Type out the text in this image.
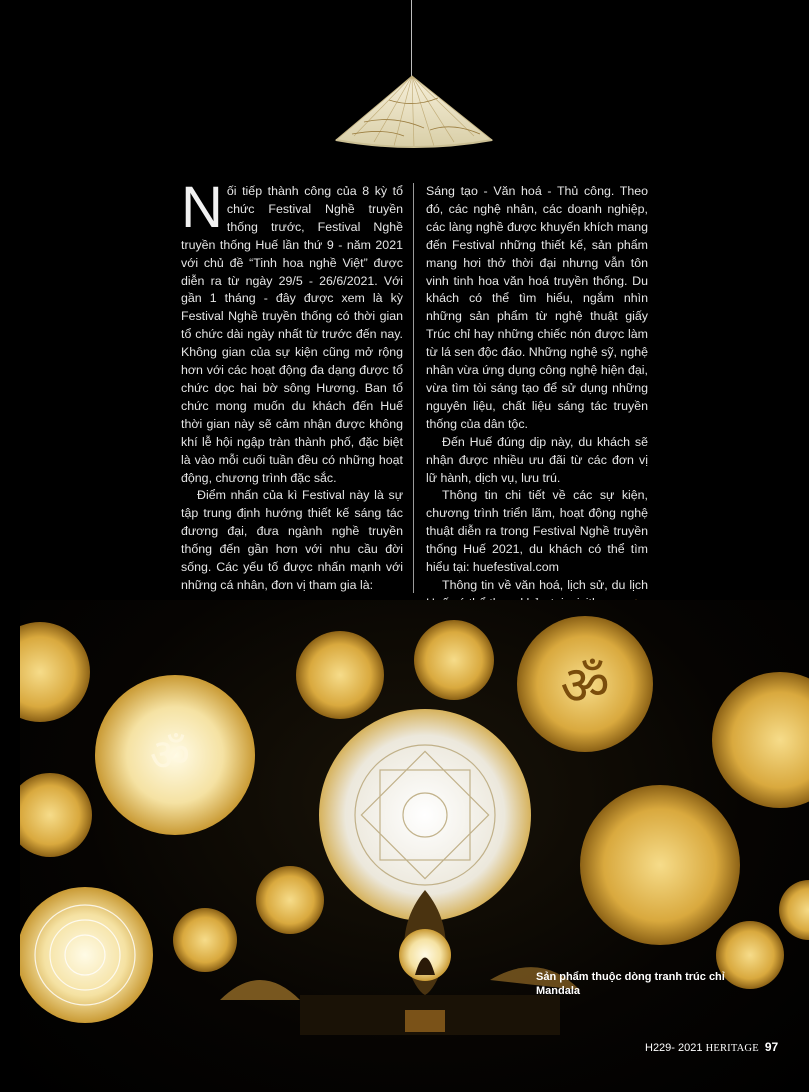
Nối tiếp thành công của 8 kỳ tổ chức Festival Nghề truyền thống trước, Festival Nghề truyền thống Huế lần thứ 9 - năm 2021 với chủ đề “Tinh hoa nghề Việt” được diễn ra từ ngày 29/5 - 26/6/2021. Với gần 1 tháng - đây được xem là kỳ Festival Nghề truyền thống có thời gian tổ chức dài ngày nhất từ trước đến nay. Không gian của sự kiện cũng mở rộng hơn với các hoạt động đa dạng được tổ chức dọc hai bờ sông Hương. Ban tổ chức mong muốn du khách đến Huế thời gian này sẽ cảm nhận được không khí lễ hội ngập tràn thành phố, đặc biệt là vào mỗi cuối tuần đều có những hoạt động, chương trình đặc sắc.

Điểm nhấn của kì Festival này là sự tập trung định hướng thiết kế sáng tác đương đại, đưa ngành nghề truyền thống đến gần hơn với nhu cầu đời sống. Các yếu tố được nhấn mạnh với những cá nhân, đơn vị tham gia là:

Sáng tạo - Văn hoá - Thủ công. Theo đó, các nghệ nhân, các doanh nghiệp, các làng nghề được khuyến khích mang đến Festival những thiết kế, sản phẩm mang hơi thở thời đại nhưng vẫn tôn vinh tinh hoa văn hoá truyền thống. Du khách có thể tìm hiểu, ngắm nhìn những sản phẩm từ nghệ thuật giấy Trúc chỉ hay những chiếc nón được làm từ lá sen độc đáo. Những nghệ sỹ, nghệ nhân vừa ứng dụng công nghệ hiện đại, vừa tìm tòi sáng tạo để sử dụng những nguyên liệu, chất liệu sáng tác truyền thống của dân tộc.

Đến Huế đúng dịp này, du khách sẽ nhận được nhiều ưu đãi từ các đơn vị lữ hành, dịch vụ, lưu trú.

Thông tin chi tiết về các sự kiện, chương trình triển lãm, hoạt động nghệ thuật diễn ra trong Festival Nghề truyền thống Huế 2021, du khách có thể tìm hiểu tại: huefestival.com

Thông tin về văn hoá, lịch sử, du lịch

ॐ
ॐ
Sản phẩm thuộc dòng tranh trúc chỉ Mandala
H229- 2021 HERITAGE 97
